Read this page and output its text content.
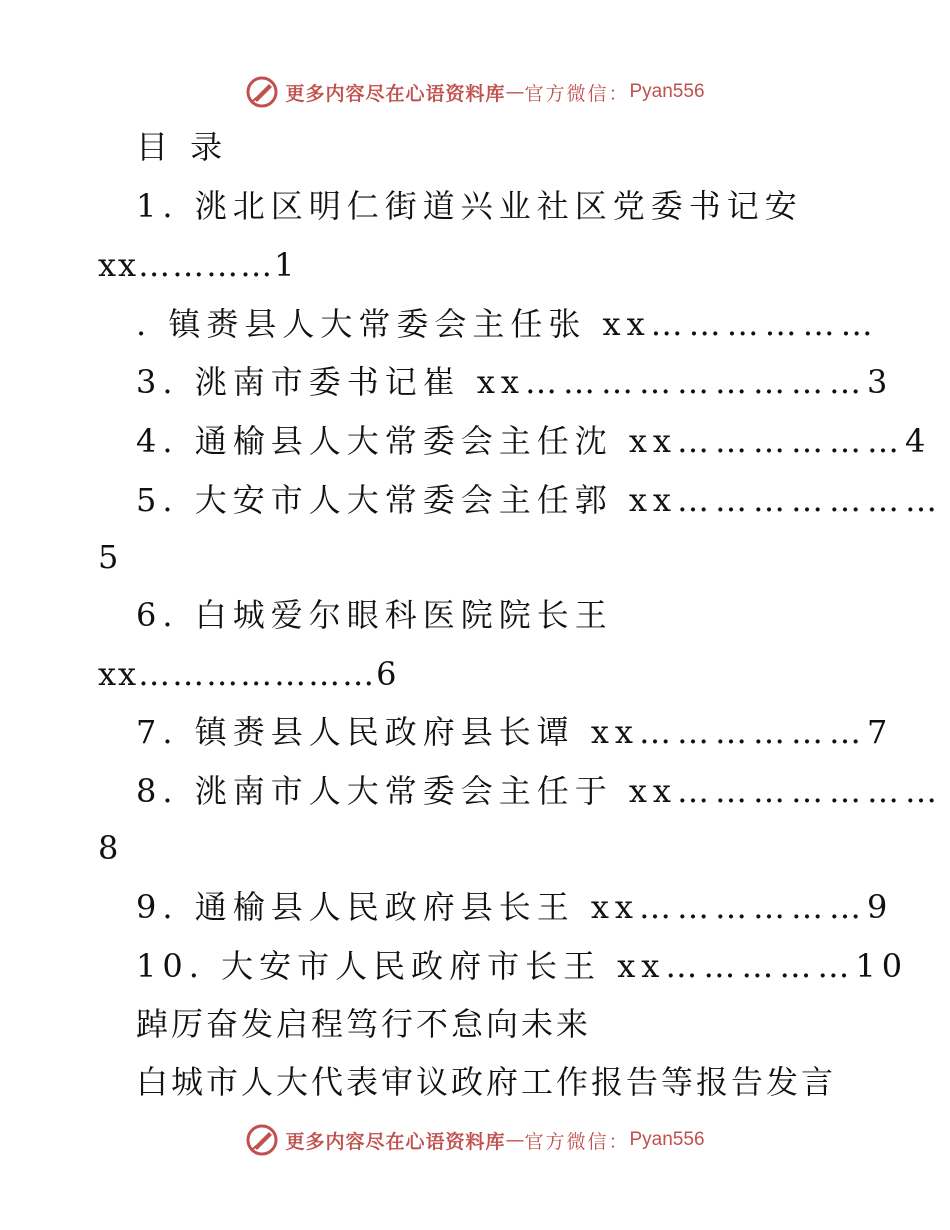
更多内容尽在心语资料库 — 官方微信： Pyan556
目 录
1. 洮北区明仁街道兴业社区党委书记安
xx…………1
. 镇赉县人大常委会主任张 xx………………
3. 洮南市委书记崔 xx………………………3
4. 通榆县人大常委会主任沈 xx………………4
5. 大安市人大常委会主任郭 xx…………………
5
6. 白城爱尔眼科医院院长王
xx…………………6
7. 镇赉县人民政府县长谭 xx………………7
8. 洮南市人大常委会主任于 xx…………………
8
9. 通榆县人民政府县长王 xx………………9
10. 大安市人民政府市长王 xx……………10
踔厉奋发启程笃行不怠向未来
白城市人大代表审议政府工作报告等报告发言
更多内容尽在心语资料库 — 官方微信： Pyan556
